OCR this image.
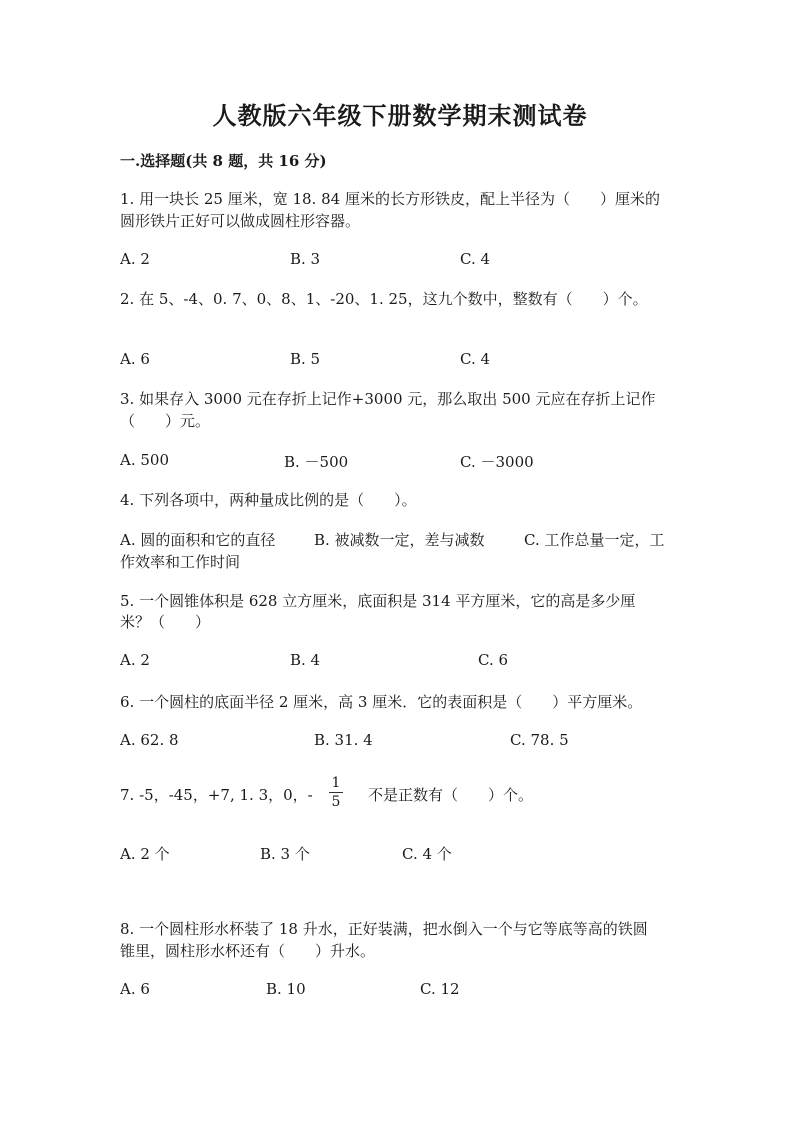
人教版六年级下册数学期末测试卷
一.选择题(共 8 题，共 16 分)
1. 用一块长 25 厘米，宽 18. 84 厘米的长方形铁皮，配上半径为（　　）厘米的
圆形铁片正好可以做成圆柱形容器。
A. 2	B. 3	C. 4
2. 在 5、-4、0. 7、0、8、1、-20、1. 25，这九个数中，整数有（　　）个。
A. 6	B. 5	C. 4
3. 如果存入 3000 元在存折上记作+3000 元，那么取出 500 元应在存折上记作
（　　）元。
A. 500	B. －500	C. －3000
4. 下列各项中，两种量成比例的是（　　）。
A. 圆的面积和它的直径	B. 被减数一定，差与减数	C. 工作总量一定，工
作效率和工作时间
5. 一个圆锥体积是 628 立方厘米，底面积是 314 平方厘米，它的高是多少厘
米？（　　）
A. 2	B. 4	C. 6
6. 一个圆柱的底面半径 2 厘米，高 3 厘米．它的表面积是（　　）平方厘米。
A. 62. 8	B. 31. 4	C. 78. 5
7. -5，-45，+7, 1. 3，0，-
1
5 不是正数有（　　）个。
A. 2 个	B. 3 个	C. 4 个
8. 一个圆柱形水杯装了 18 升水，正好装满，把水倒入一个与它等底等高的铁圆
锥里，圆柱形水杯还有（　　）升水。
A. 6	B. 10	C. 12
